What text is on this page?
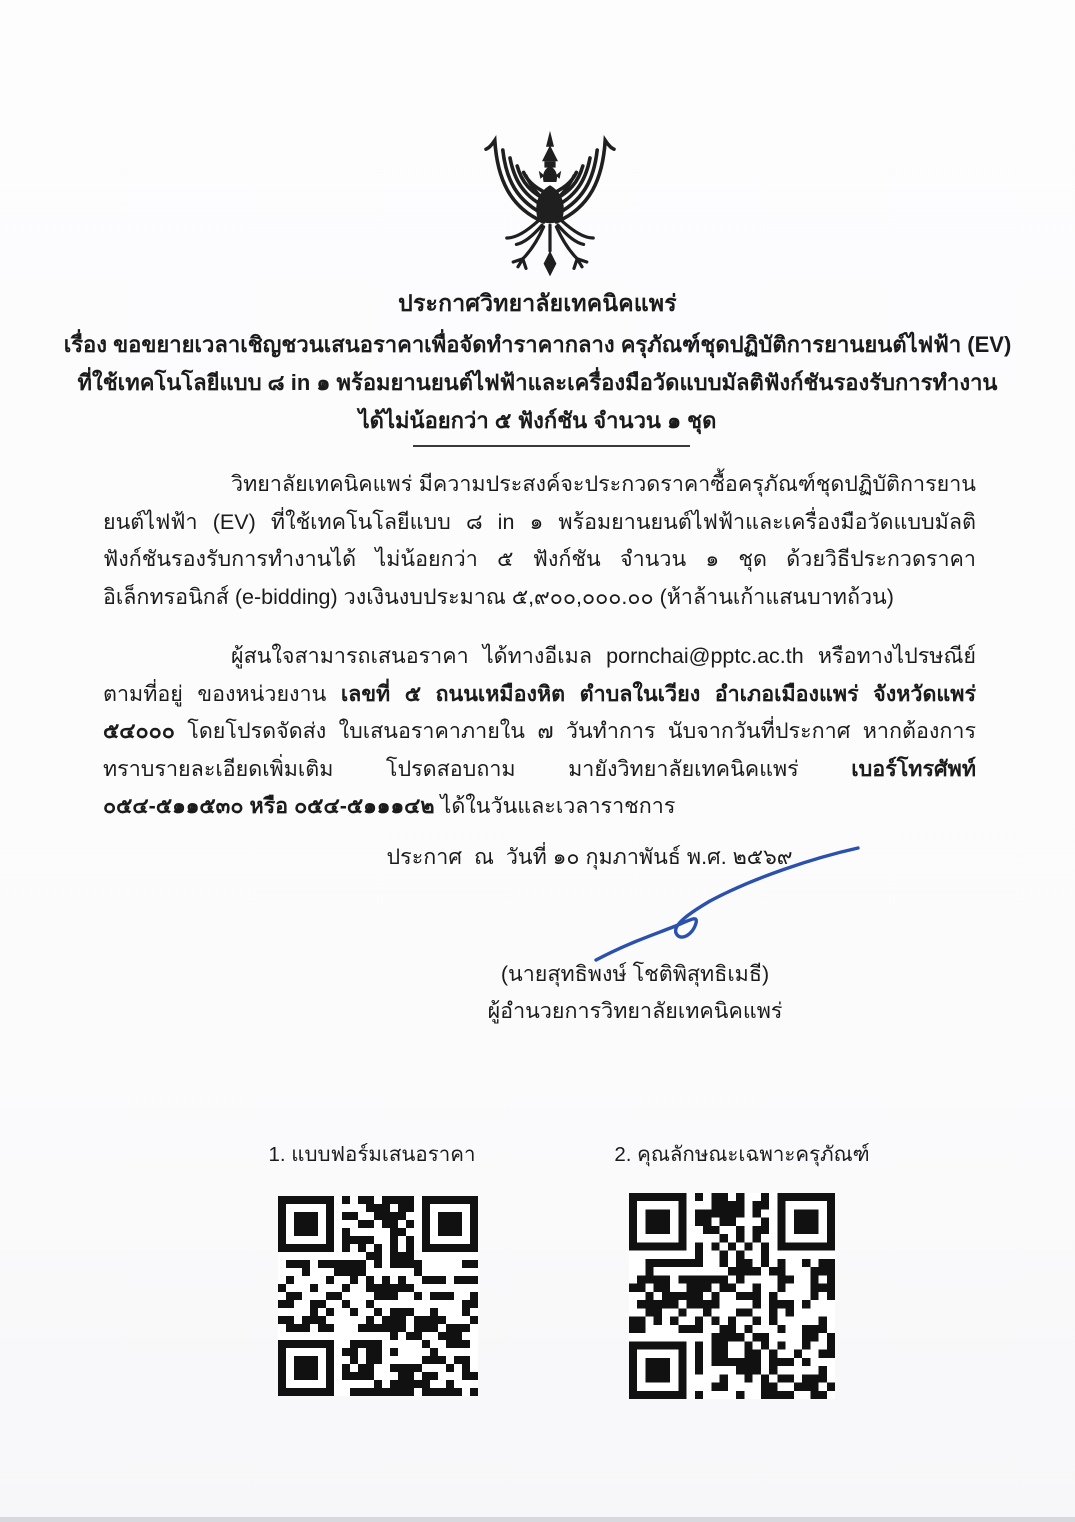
ประกาศวิทยาลัยเทคนิคแพร่
เรื่อง ขอขยายเวลาเชิญชวนเสนอราคาเพื่อจัดทำราคากลาง ครุภัณฑ์ชุดปฏิบัติการยานยนต์ไฟฟ้า (EV)
ที่ใช้เทคโนโลยีแบบ ๘ in ๑ พร้อมยานยนต์ไฟฟ้าและเครื่องมือวัดแบบมัลติฟังก์ชันรองรับการทำงาน
ได้ไม่น้อยกว่า ๕ ฟังก์ชัน จำนวน ๑ ชุด
วิทยาลัยเทคนิคแพร่ มีความประสงค์จะประกวดราคาซื้อครุภัณฑ์ชุดปฏิบัติการยานยนต์ไฟฟ้า (EV) ที่ใช้เทคโนโลยีแบบ ๘ in ๑ พร้อมยานยนต์ไฟฟ้าและเครื่องมือวัดแบบมัลติฟังก์ชันรองรับการทำงานได้ ไม่น้อยกว่า ๕ ฟังก์ชัน จำนวน ๑ ชุด ด้วยวิธีประกวดราคาอิเล็กทรอนิกส์ (e-bidding) วงเงินงบประมาณ ๕,๙๐๐,๐๐๐.๐๐ (ห้าล้านเก้าแสนบาทถ้วน)
ผู้สนใจสามารถเสนอราคา ได้ทางอีเมล pornchai@pptc.ac.th หรือทางไปรษณีย์ตามที่อยู่ ของหน่วยงาน เลขที่ ๕ ถนนเหมืองหิต ตำบลในเวียง อำเภอเมืองแพร่ จังหวัดแพร่ ๕๔๐๐๐ โดยโปรดจัดส่ง ใบเสนอราคาภายใน ๗ วันทำการ นับจากวันที่ประกาศ หากต้องการทราบรายละเอียดเพิ่มเติม โปรดสอบถาม มายังวิทยาลัยเทคนิคแพร่ เบอร์โทรศัพท์ ๐๕๔-๕๑๑๕๓๐ หรือ ๐๕๔-๕๑๑๑๔๒ ได้ในวันและเวลาราชการ
ประกาศ  ณ  วันที่ ๑๐ กุมภาพันธ์ พ.ศ. ๒๕๖๙
(นายสุทธิพงษ์ โชติพิสุทธิเมธี)
ผู้อำนวยการวิทยาลัยเทคนิคแพร่
1. แบบฟอร์มเสนอราคา	2. คุณลักษณะเฉพาะครุภัณฑ์
